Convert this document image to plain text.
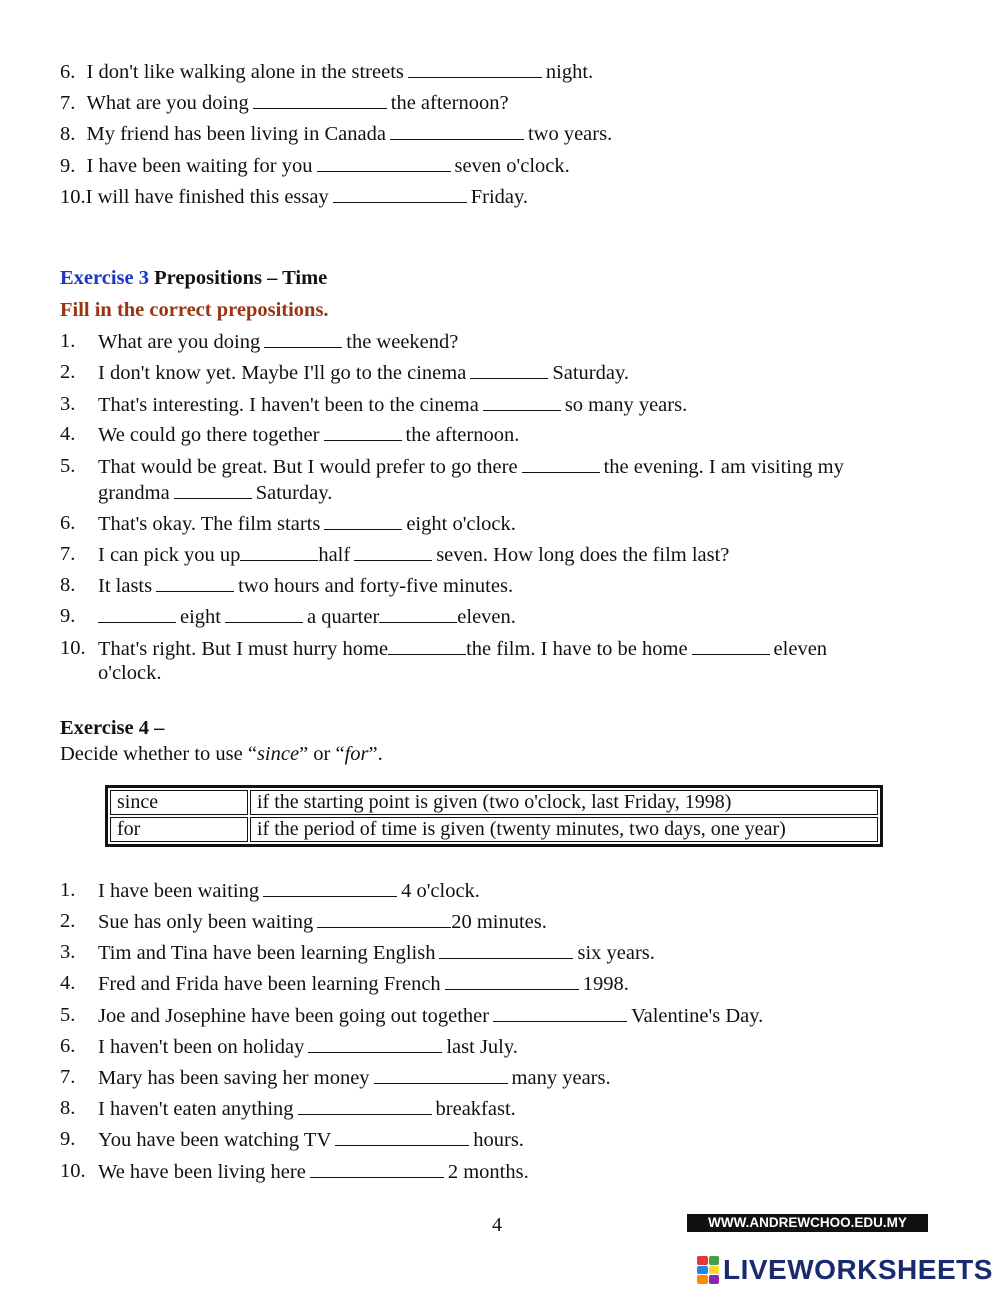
6. I don't like walking alone in the streets	night.
7. What are you doing	the afternoon?
8. My friend has been living in Canada	two years.
9. I have been waiting for you	seven o'clock.
10.I will have finished this essay	Friday.
Exercise 3 Prepositions – Time
Fill in the correct prepositions.
1. What are you doing	the weekend?
2. I don't know yet. Maybe I'll go to the cinema	Saturday.
3. That's interesting. I haven't been to the cinema	so many years.
4. We could go there together	the afternoon.
5. That would be great. But I would prefer to go there	the evening. I am visiting my
grandma	Saturday.
6. That's okay. The film starts	eight o'clock.
7. I can pick you up	half	seven. How long does the film last?
8. It lasts	two hours and forty-five minutes.
9.	eight	a quarter	eleven.
10. That's right. But I must hurry home	the film. I have to be home	eleven
o'clock.
Exercise 4 –
Decide whether to use “since” or “for”.
since	if the starting point is given (two o'clock, last Friday, 1998)
for	if the period of time is given (twenty minutes, two days, one year)
1. I have been waiting	4 o'clock.
2. Sue has only been waiting	20 minutes.
3. Tim and Tina have been learning English	six years.
4. Fred and Frida have been learning French	1998.
5. Joe and Josephine have been going out together	Valentine's Day.
6. I haven't been on holiday	last July.
7. Mary has been saving her money	many years.
8. I haven't eaten anything	breakfast.
9. You have been watching TV	hours.
10. We have been living here	2 months.
4	WWW.ANDREWCHOO.EDU.MY
LIVEWORKSHEETS
